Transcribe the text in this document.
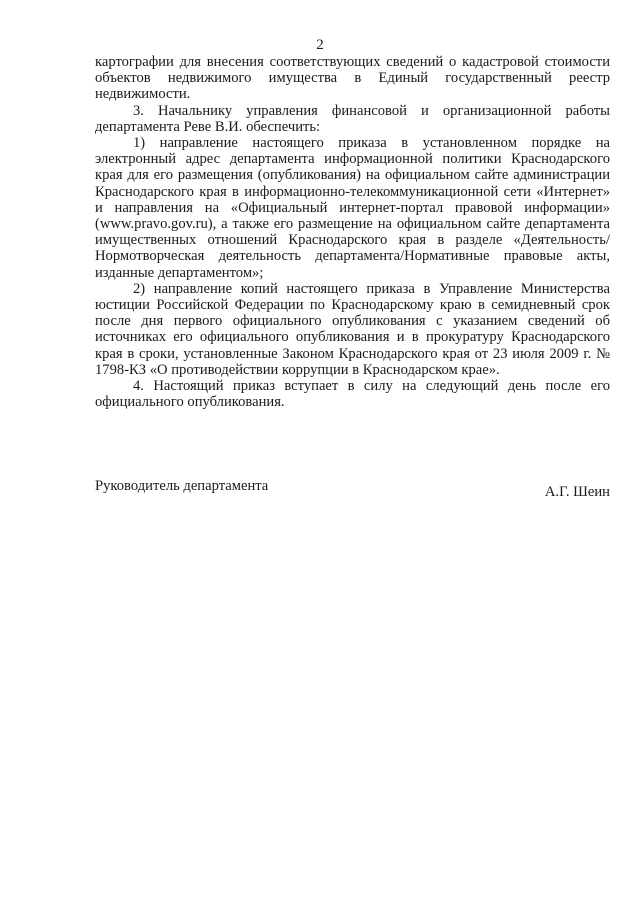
2

картографии для внесения соответствующих сведений о кадастровой стоимости объектов недвижимого имущества в Единый государственный реестр недвижимости.

3. Начальнику управления финансовой и организационной работы департамента Реве В.И. обеспечить:

1) направление настоящего приказа в установленном порядке на электронный адрес департамента информационной политики Краснодарского края для его размещения (опубликования) на официальном сайте администрации Краснодарского края в информационно-телекоммуникационной сети «Интернет» и направления на «Официальный интернет-портал правовой информации» (www.pravo.gov.ru), а также его размещение на официальном сайте департамента имущественных отношений Краснодарского края в разделе «Деятельность/Нормотворческая деятельность департамента/Нормативные правовые акты, изданные департаментом»;

2) направление копий настоящего приказа в Управление Министерства юстиции Российской Федерации по Краснодарскому краю в семидневный срок после дня первого официального опубликования с указанием сведений об источниках его официального опубликования и в прокуратуру Краснодарского края в сроки, установленные Законом Краснодарского края от 23 июля 2009 г. № 1798-КЗ «О противодействии коррупции в Краснодарском крае».

4. Настоящий приказ вступает в силу на следующий день после его официального опубликования.

Руководитель департамента	А.Г. Шеин
